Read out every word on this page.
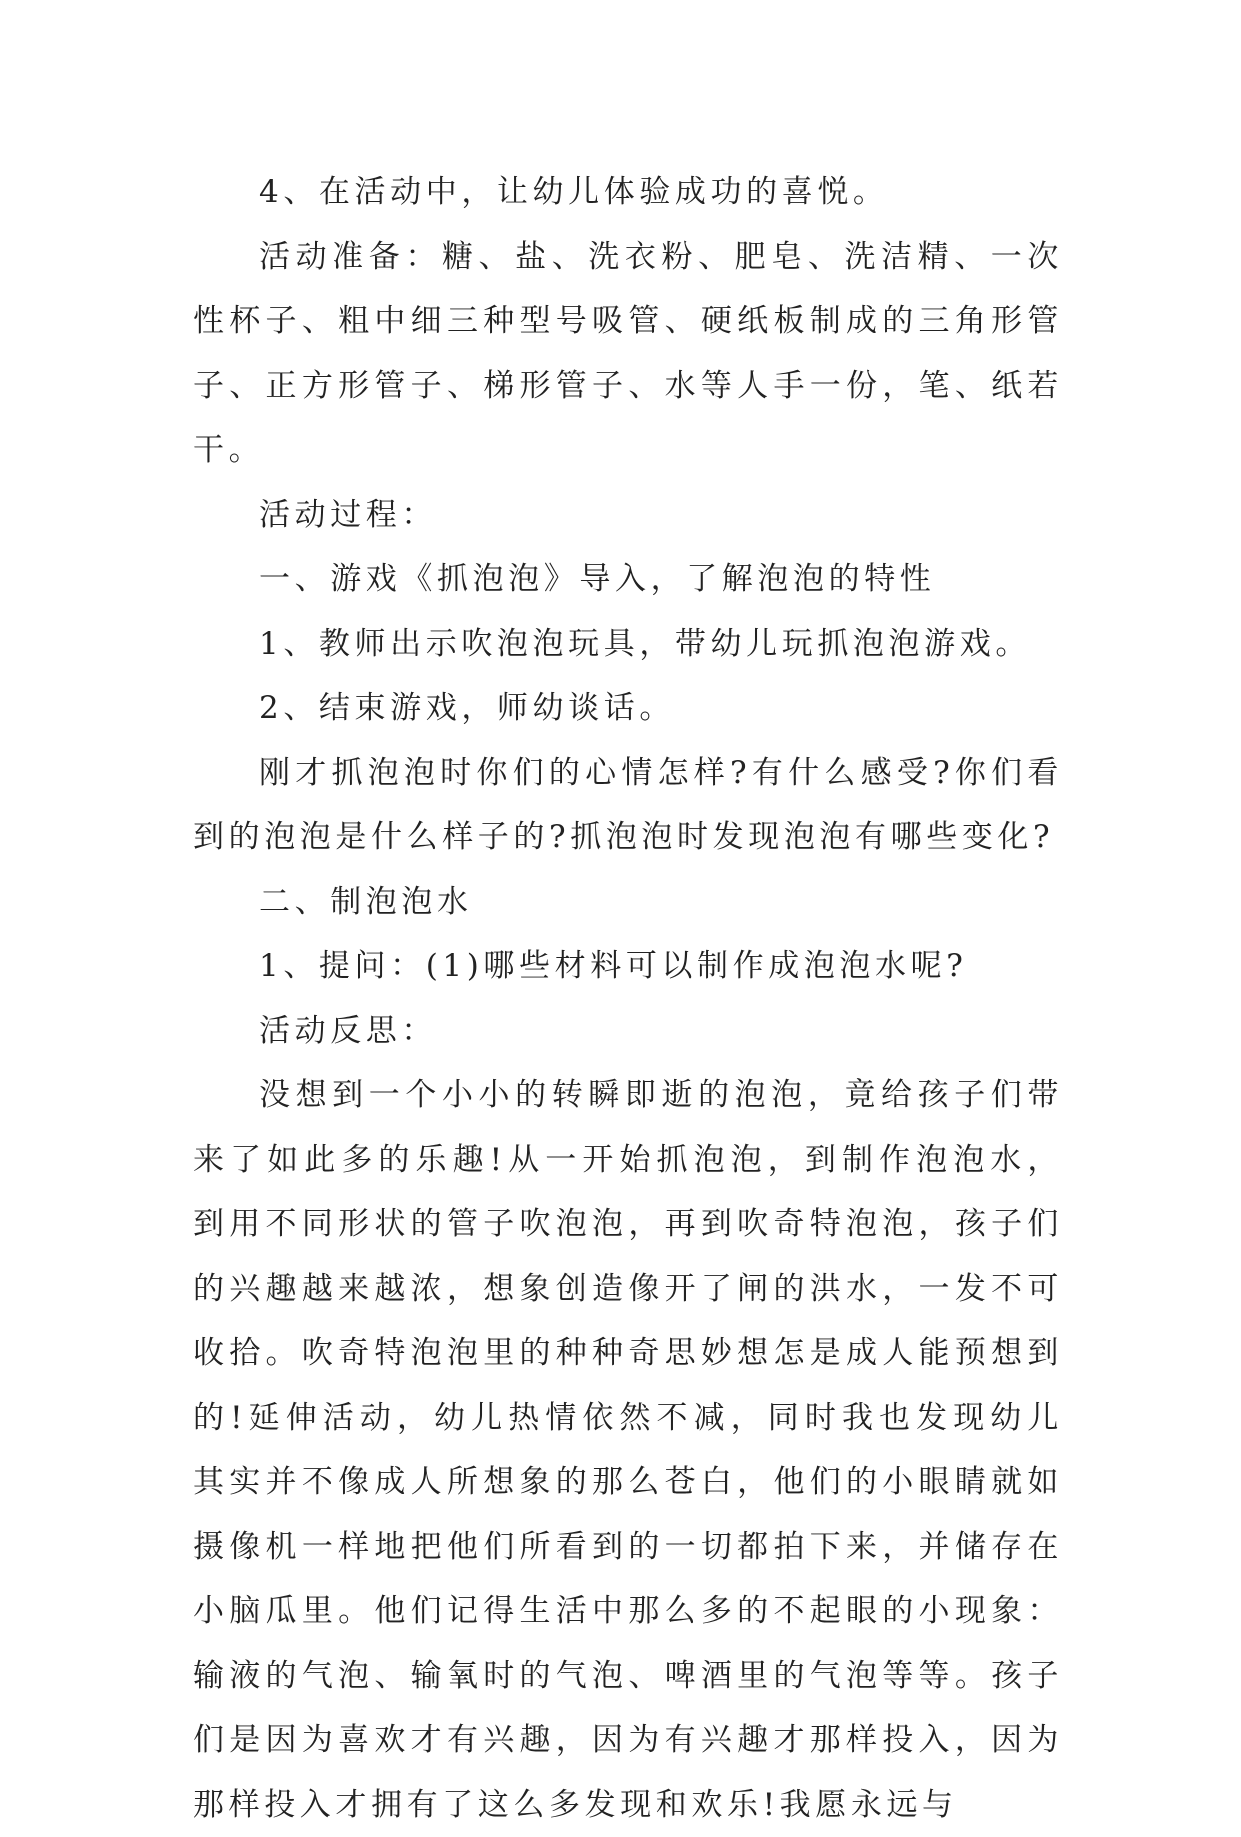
4、在活动中，让幼儿体验成功的喜悦。

活动准备：糖、盐、洗衣粉、肥皂、洗洁精、一次性杯子、粗中细三种型号吸管、硬纸板制成的三角形管子、正方形管子、梯形管子、水等人手一份，笔、纸若干。

活动过程：

一、游戏《抓泡泡》导入，了解泡泡的特性

1、教师出示吹泡泡玩具，带幼儿玩抓泡泡游戏。

2、结束游戏，师幼谈话。

刚才抓泡泡时你们的心情怎样?有什么感受?你们看到的泡泡是什么样子的?抓泡泡时发现泡泡有哪些变化?

二、制泡泡水

1、提问：(1)哪些材料可以制作成泡泡水呢?

活动反思：

没想到一个小小的转瞬即逝的泡泡，竟给孩子们带来了如此多的乐趣!从一开始抓泡泡，到制作泡泡水，到用不同形状的管子吹泡泡，再到吹奇特泡泡，孩子们的兴趣越来越浓，想象创造像开了闸的洪水，一发不可收拾。吹奇特泡泡里的种种奇思妙想怎是成人能预想到的!延伸活动，幼儿热情依然不减，同时我也发现幼儿其实并不像成人所想象的那么苍白，他们的小眼睛就如摄像机一样地把他们所看到的一切都拍下来，并储存在小脑瓜里。他们记得生活中那么多的不起眼的小现象：输液的气泡、输氧时的气泡、啤酒里的气泡等等。孩子们是因为喜欢才有兴趣，因为有兴趣才那样投入，因为那样投入才拥有了这么多发现和欢乐!我愿永远与
